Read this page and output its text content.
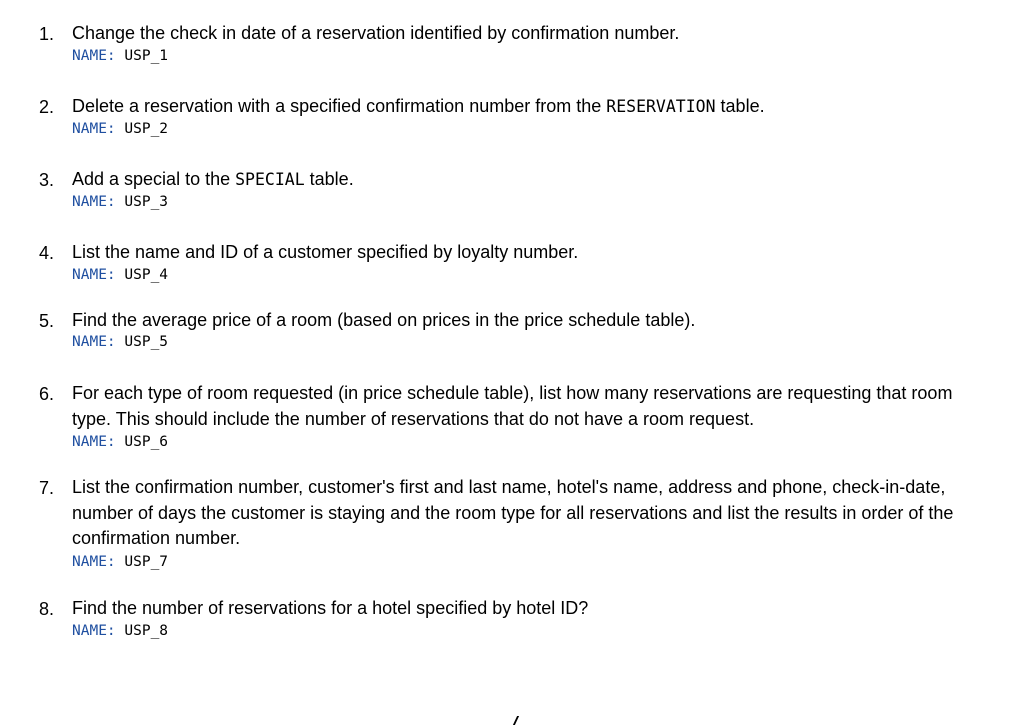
1. Change the check in date of a reservation identified by confirmation number.
NAME: USP_1
2. Delete a reservation with a specified confirmation number from the RESERVATION table.
NAME: USP_2
3. Add a special to the SPECIAL table.
NAME: USP_3
4. List the name and ID of a customer specified by loyalty number.
NAME: USP_4
5. Find the average price of a room (based on prices in the price schedule table).
NAME: USP_5
6. For each type of room requested (in price schedule table), list how many reservations are requesting that room type. This should include the number of reservations that do not have a room request.
NAME: USP_6
7. List the confirmation number, customer's first and last name, hotel's name, address and phone, check-in-date, number of days the customer is staying and the room type for all reservations and list the results in order of the confirmation number.
NAME: USP_7
8. Find the number of reservations for a hotel specified by hotel ID?
NAME: USP_8
